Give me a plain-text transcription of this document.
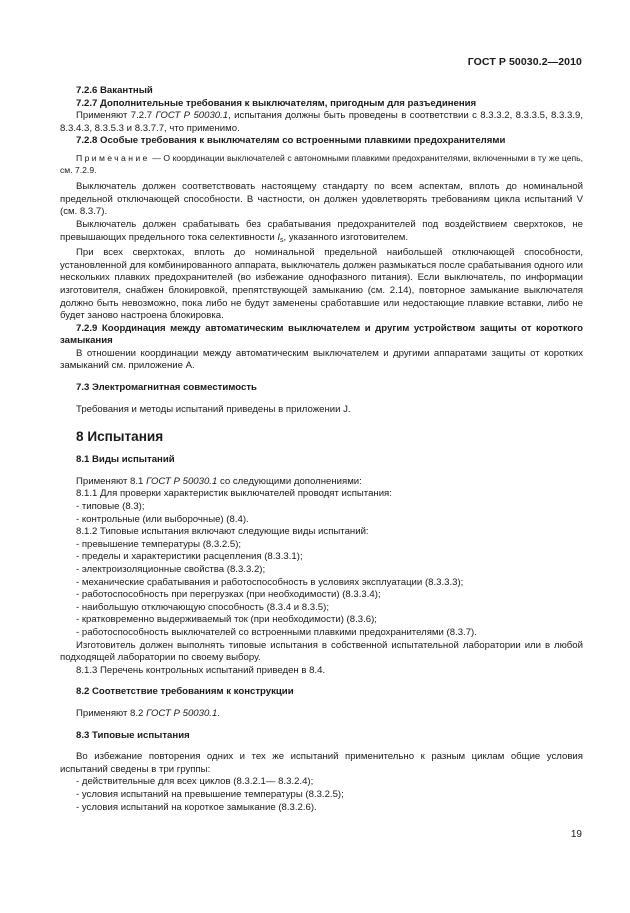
ГОСТ Р 50030.2—2010

7.2.6 Вакантный

7.2.7 Дополнительные требования к выключателям, пригодным для разъединения

Применяют 7.2.7 ГОСТ Р 50030.1, испытания должны быть проведены в соответствии с 8.3.3.2, 8.3.3.5, 8.3.3.9, 8.3.4.3, 8.3.5.3 и 8.3.7.7, что применимо.

7.2.8 Особые требования к выключателям со встроенными плавкими предохранителями

Примечание — О координации выключателей с автономными плавкими предохранителями, включенными в ту же цепь, см. 7.2.9.

Выключатель должен соответствовать настоящему стандарту по всем аспектам, вплоть до номинальной предельной отключающей способности. В частности, он должен удовлетворять требованиям цикла испытаний V (см. 8.3.7).

Выключатель должен срабатывать без срабатывания предохранителей под воздействием сверхтоков, не превышающих предельного тока селективности $I_s$, указанного изготовителем.

При всех сверхтоках, вплоть до номинальной предельной наибольшей отключающей способности, установленной для комбинированного аппарата, выключатель должен размыкаться после срабатывания одного или нескольких плавких предохранителей (во избежание однофазного питания). Если выключатель, по информации изготовителя, снабжен блокировкой, препятствующей замыканию (см. 2.14), повторное замыкание выключателя должно быть невозможно, пока либо не будут заменены сработавшие или недостающие плавкие вставки, либо не будет заново настроена блокировка.

7.2.9 Координация между автоматическим выключателем и другим устройством защиты от короткого замыкания

В отношении координации между автоматическим выключателем и другими аппаратами защиты от коротких замыканий см. приложение А.

7.3 Электромагнитная совместимость

Требования и методы испытаний приведены в приложении J.

8 Испытания

8.1 Виды испытаний

Применяют 8.1 ГОСТ Р 50030.1 со следующими дополнениями:

8.1.1 Для проверки характеристик выключателей проводят испытания:

- типовые (8.3);

- контрольные (или выборочные) (8.4).

8.1.2 Типовые испытания включают следующие виды испытаний:

- превышение температуры (8.3.2.5);

- пределы и характеристики расцепления (8.3.3.1);

- электроизоляционные свойства (8.3.3.2);

- механические срабатывания и работоспособность в условиях эксплуатации (8.3.3.3);

- работоспособность при перегрузках (при необходимости) (8.3.3.4);

- наибольшую отключающую способность (8.3.4 и 8.3.5);

- кратковременно выдерживаемый ток (при необходимости) (8.3.6);

- работоспособность выключателей со встроенными плавкими предохранителями (8.3.7).

Изготовитель должен выполнять типовые испытания в собственной испытательной лаборатории или в любой подходящей лаборатории по своему выбору.

8.1.3 Перечень контрольных испытаний приведен в 8.4.

8.2 Соответствие требованиям к конструкции

Применяют 8.2 ГОСТ Р 50030.1.

8.3 Типовые испытания

Во избежание повторения одних и тех же испытаний применительно к разным циклам общие условия испытаний сведены в три группы:

- действительные для всех циклов (8.3.2.1— 8.3.2.4);

- условия испытаний на превышение температуры (8.3.2.5);

- условия испытаний на короткое замыкание (8.3.2.6).

19
